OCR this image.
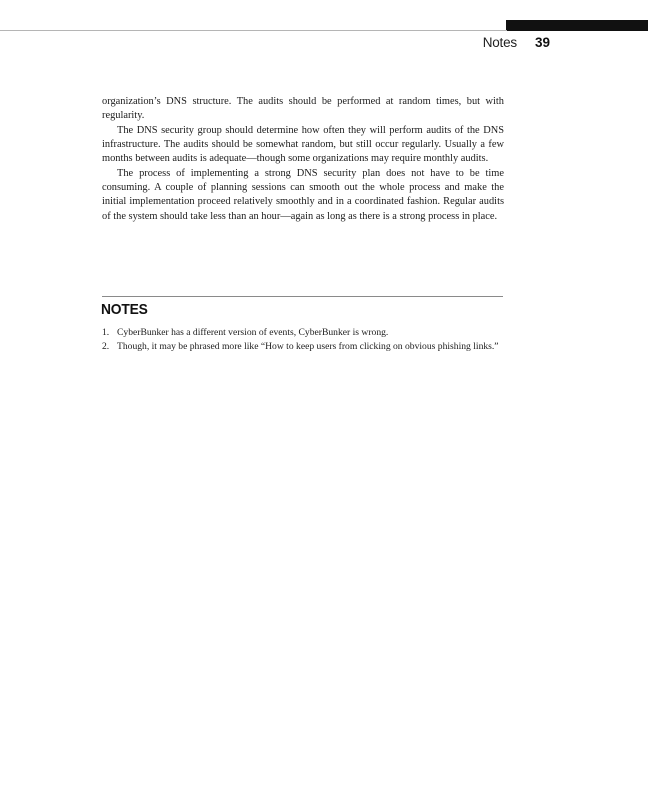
Notes 39

organization’s DNS structure. The audits should be performed at random times, but with regularity.

The DNS security group should determine how often they will perform audits of the DNS infrastructure. The audits should be somewhat random, but still occur regularly. Usually a few months between audits is adequate—though some organizations may require monthly audits.

The process of implementing a strong DNS security plan does not have to be time consuming. A couple of planning sessions can smooth out the whole process and make the initial implementation proceed relatively smoothly and in a coordinated fashion. Regular audits of the system should take less than an hour—again as long as there is a strong process in place.

NOTES
1. CyberBunker has a different version of events, CyberBunker is wrong.
2. Though, it may be phrased more like “How to keep users from clicking on obvious phishing links.”
